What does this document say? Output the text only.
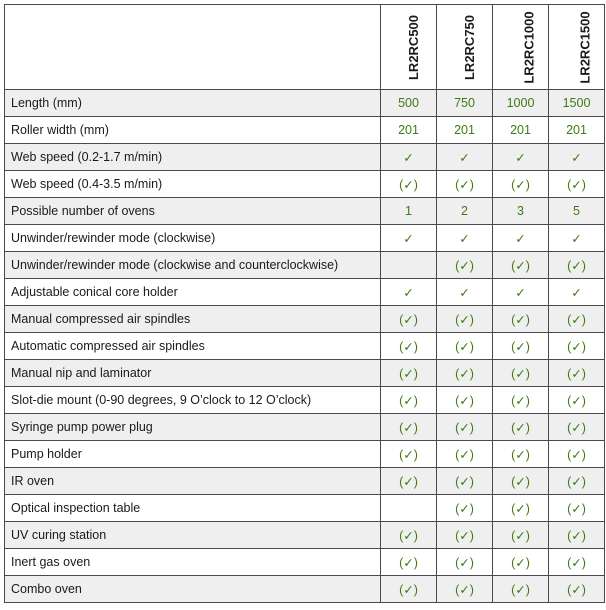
	LR2RC500	LR2RC750	LR2RC1000	LR2RC1500
Length (mm)	500	750	1000	1500
Roller width (mm)	201	201	201	201
Web speed (0.2-1.7 m/min)	✓	✓	✓	✓
Web speed (0.4-3.5 m/min)	(✓)	(✓)	(✓)	(✓)
Possible number of ovens	1	2	3	5
Unwinder/rewinder mode (clockwise)	✓	✓	✓	✓
Unwinder/rewinder mode (clockwise and counterclockwise)		(✓)	(✓)	(✓)
Adjustable conical core holder	✓	✓	✓	✓
Manual compressed air spindles	(✓)	(✓)	(✓)	(✓)
Automatic compressed air spindles	(✓)	(✓)	(✓)	(✓)
Manual nip and laminator	(✓)	(✓)	(✓)	(✓)
Slot-die mount (0-90 degrees, 9 O’clock to 12 O’clock)	(✓)	(✓)	(✓)	(✓)
Syringe pump power plug	(✓)	(✓)	(✓)	(✓)
Pump holder	(✓)	(✓)	(✓)	(✓)
IR oven	(✓)	(✓)	(✓)	(✓)
Optical inspection table		(✓)	(✓)	(✓)
UV curing station	(✓)	(✓)	(✓)	(✓)
Inert gas oven	(✓)	(✓)	(✓)	(✓)
Combo oven	(✓)	(✓)	(✓)	(✓)
